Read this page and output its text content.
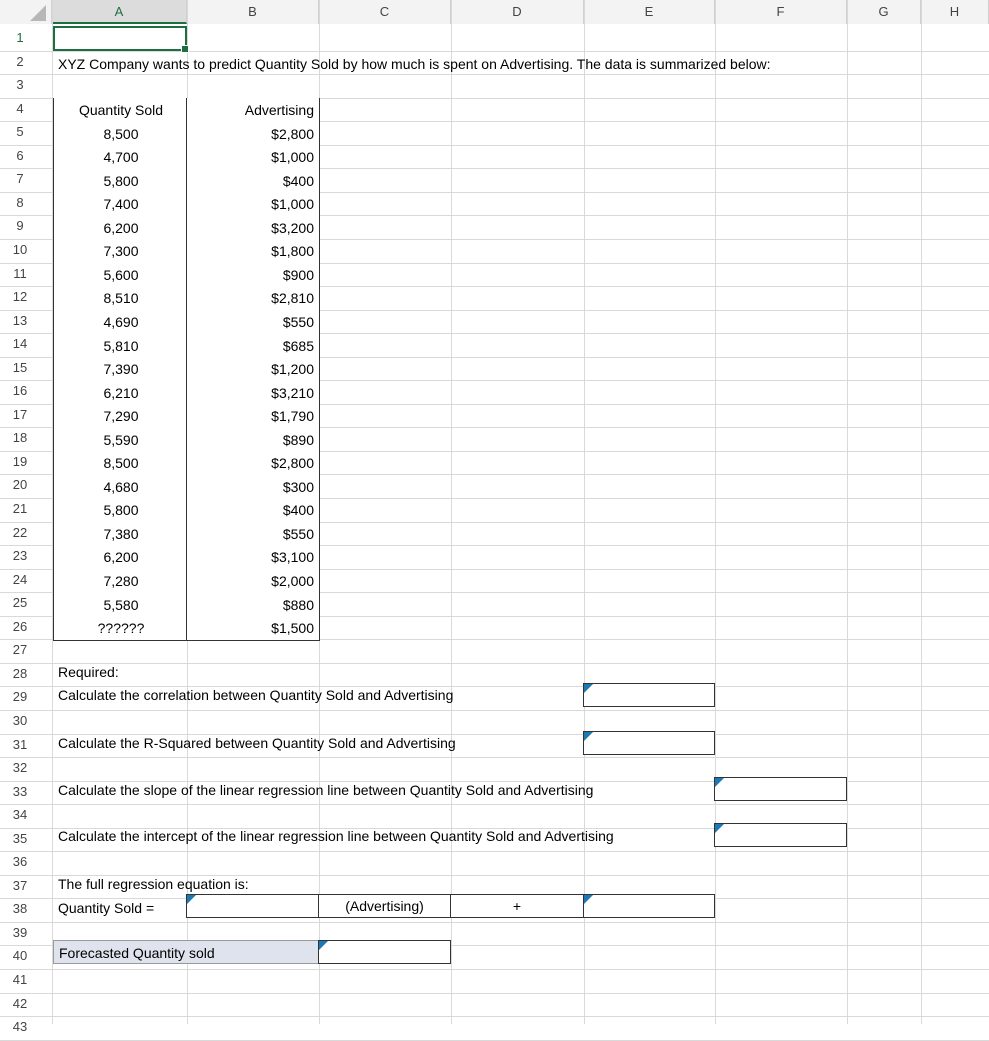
A	B	C	D	E	F	G	H
1
2
3
4
5
6
7
8
9
10
11
12
13
14
15
16
17
18
19
20
21
22
23
24
25
26
27
28
29
30
31
32
33
34
35
36
37
38
39
40
41
42
43
XYZ Company wants to predict Quantity Sold by how much is spent on Advertising. The data is summarized below:
Quantity Sold	Advertising
8,500	$2,800
4,700	$1,000
5,800	$400
7,400	$1,000
6,200	$3,200
7,300	$1,800
5,600	$900
8,510	$2,810
4,690	$550
5,810	$685
7,390	$1,200
6,210	$3,210
7,290	$1,790
5,590	$890
8,500	$2,800
4,680	$300
5,800	$400
7,380	$550
6,200	$3,100
7,280	$2,000
5,580	$880
??????	$1,500
Required:
Calculate the correlation between Quantity Sold and Advertising
Calculate the R-Squared between Quantity Sold and Advertising
Calculate the slope of the linear regression line between Quantity Sold and Advertising
Calculate the intercept of the linear regression line between Quantity Sold and Advertising
The full regression equation is:
Quantity Sold =	(Advertising)	+
Forecasted Quantity sold
